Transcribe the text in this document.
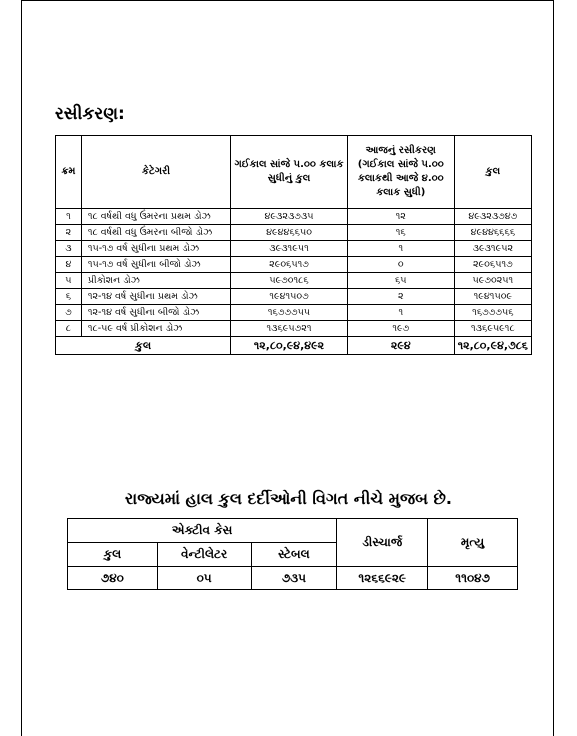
રસીકરણ:
ક્રમ	કેટેગરી	ગઈકાલ સાંજે ૫.૦૦ કલાક સુધીનું કુલ	આજનું રસીકરણ (ગઈકાલ સાંજે ૫.૦૦ કલાકથી આજે ૪.૦૦ કલાક સુધી)	કુલ
૧	૧૮ વર્ષથી વધુ ઉંમરના પ્રથમ ડોઝ	૪૯૩૨૩૭૩૫	૧૨	૪૯૩૨૩૭૪૭
૨	૧૮ વર્ષથી વધુ ઉંમરના બીજો ડોઝ	૪૯૪૪૬૬૫૦	૧૬	૪૯૪૪૬૬૬૬
૩	૧૫-૧૭ વર્ષ સુધીના પ્રથમ ડોઝ	૩૯૩૧૯૫૧	૧	૩૯૩૧૯૫૨
૪	૧૫-૧૭ વર્ષ સુધીના બીજો ડોઝ	૨૯૦૬૫૧૭	૦	૨૯૦૬૫૧૭
૫	પ્રીકોશન ડોઝ	૫૯૭૦૧૮૬	૬૫	૫૯૭૦૨૫૧
૬	૧૨-૧૪ વર્ષ સુધીના પ્રથમ ડોઝ	૧૯૪૧૫૦૭	૨	૧૯૪૧૫૦૯
૭	૧૨-૧૪ વર્ષ સુધીના બીજો ડોઝ	૧૬૭૭૭૫૫	૧	૧૬૭૭૭૫૬
૮	૧૮-૫૯ વર્ષ પ્રીકોશન ડોઝ	૧૩૬૯૫૭૨૧	૧૯૭	૧૩૬૯૫૯૧૮
કુલ		૧૨,૮૦,૯૪,૪૯૨	૨૯૪	૧૨,૮૦,૯૪,૭૮૬
રાજ્યમાં હાલ કુલ દર્દીઓની વિગત નીચે મુજબ છે.
એક્ટીવ કેસ			ડીસ્ચાર્જ	મૃત્યુ
કુલ	વેન્ટીલેટર	સ્ટેબલ		
૭૪૦	૦૫	૭૩૫	૧૨૬૬૯૨૯	૧૧૦૪૭
